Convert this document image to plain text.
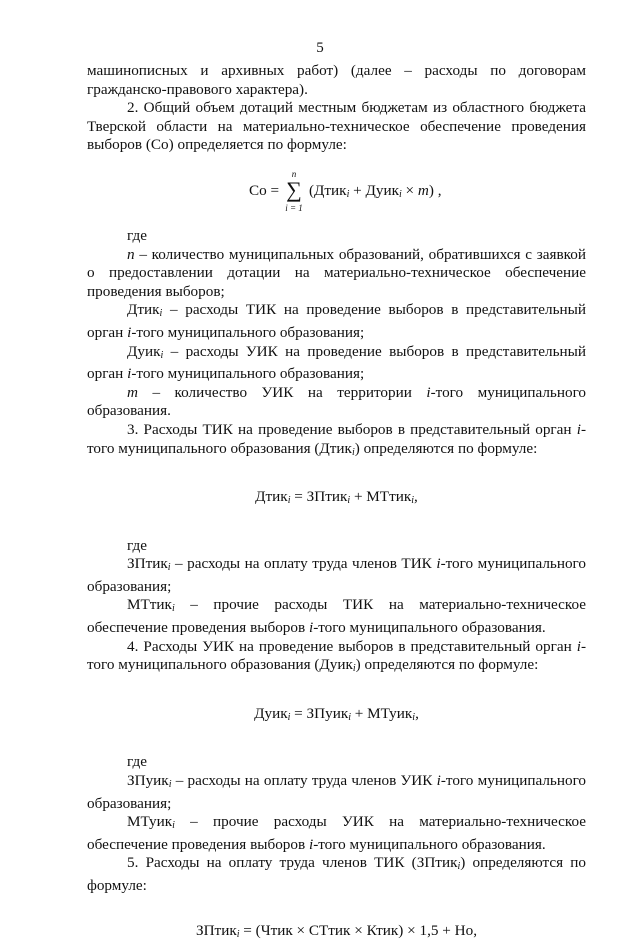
5

машинописных и архивных работ) (далее – расходы по договорам гражданско-правового характера).

2. Общий объем дотаций местным бюджетам из областного бюджета Тверской области на материально-техническое обеспечение проведения выборов (Со) определяется по формуле:

Со =
n
∑
i = 1
(Дтик$_i$ + Дуик$_i$ × m) ,

где

n – количество муниципальных образований, обратившихся с заявкой о предоставлении дотации на материально-техническое обеспечение проведения выборов;

Дтик$_i$ – расходы ТИК на проведение выборов в представительный орган i-того муниципального образования;

Дуик$_i$ – расходы УИК на проведение выборов в представительный орган i-того муниципального образования;

m – количество УИК на территории i-того муниципального образования.

3. Расходы ТИК на проведение выборов в представительный орган i-того муниципального образования (Дтик$_i$) определяются по формуле:

Дтик$_i$ = ЗПтик$_i$ + МТтик$_i$,

где

ЗПтик$_i$ – расходы на оплату труда членов ТИК i-того муниципального образования;

МТтик$_i$ – прочие расходы ТИК на материально-техническое обеспечение проведения выборов i-того муниципального образования.

4. Расходы УИК на проведение выборов в представительный орган i-того муниципального образования (Дуик$_i$) определяются по формуле:

Дуик$_i$ = ЗПуик$_i$ + МТуик$_i$,

где

ЗПуик$_i$ – расходы на оплату труда членов УИК i-того муниципального образования;

МТуик$_i$ – прочие расходы УИК на материально-техническое обеспечение проведения выборов i-того муниципального образования.

5. Расходы на оплату труда членов ТИК (ЗПтик$_i$) определяются по формуле:

ЗПтик$_i$ = (Чтик × СТтик × Ктик) × 1,5 + Но,
